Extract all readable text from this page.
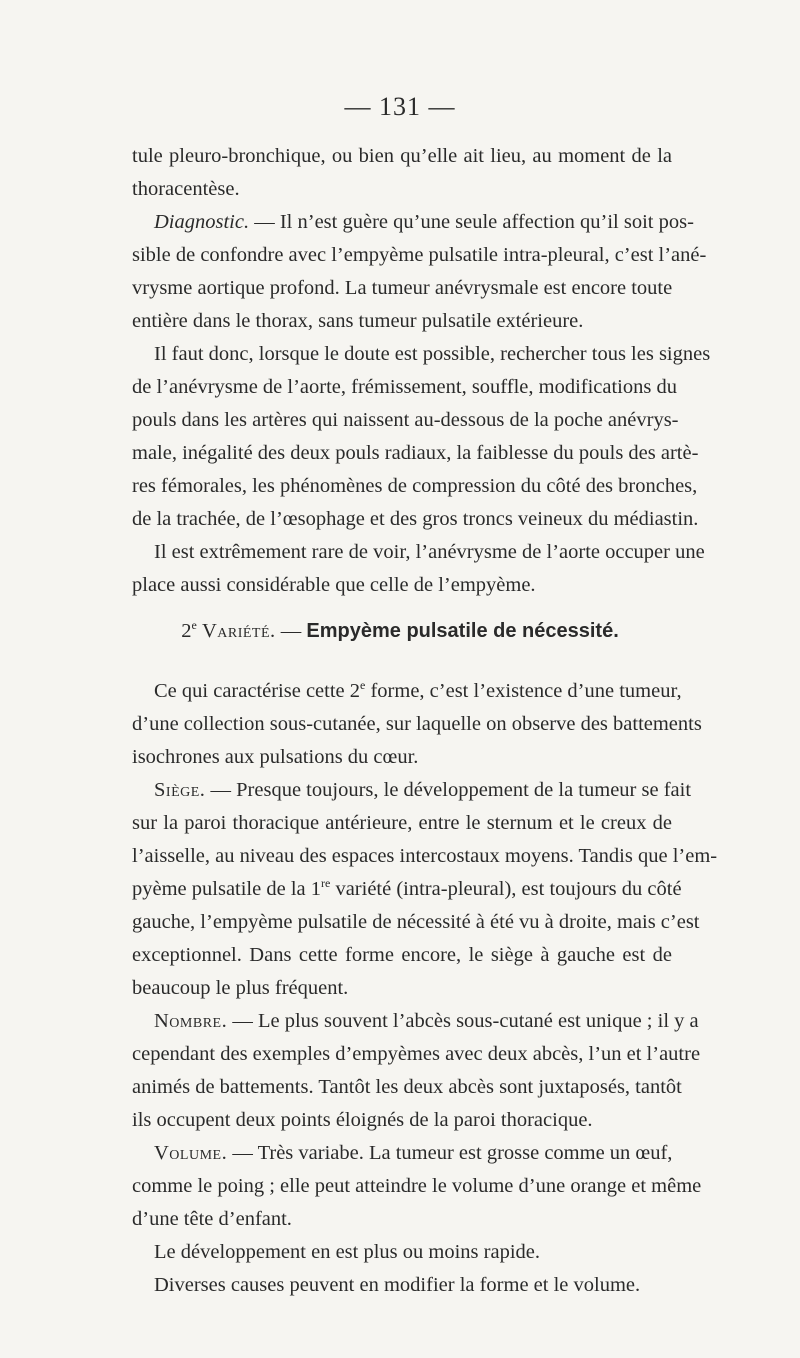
— 131 —
tule pleuro-bronchique, ou bien qu’elle ait lieu, au moment de la
thoracentèse.
Diagnostic. — Il n’est guère qu’une seule affection qu’il soit pos-
sible de confondre avec l’empyème pulsatile intra-pleural, c’est l’ané-
vrysme aortique profond. La tumeur anévrysmale est encore toute
entière dans le thorax, sans tumeur pulsatile extérieure.
Il faut donc, lorsque le doute est possible, rechercher tous les signes
de l’anévrysme de l’aorte, frémissement, souffle, modifications du
pouls dans les artères qui naissent au-dessous de la poche anévrys-
male, inégalité des deux pouls radiaux, la faiblesse du pouls des artè-
res fémorales, les phénomènes de compression du côté des bronches,
de la trachée, de l’œsophage et des gros troncs veineux du médiastin.
Il est extrêmement rare de voir, l’anévrysme de l’aorte occuper une
place aussi considérable que celle de l’empyème.
2e Variété. — Empyème pulsatile de nécessité.
Ce qui caractérise cette 2e forme, c’est l’existence d’une tumeur,
d’une collection sous-cutanée, sur laquelle on observe des battements
isochrones aux pulsations du cœur.
Siège. — Presque toujours, le développement de la tumeur se fait
sur la paroi thoracique antérieure, entre le sternum et le creux de
l’aisselle, au niveau des espaces intercostaux moyens. Tandis que l’em-
pyème pulsatile de la 1re variété (intra-pleural), est toujours du côté
gauche, l’empyème pulsatile de nécessité à été vu à droite, mais c’est
exceptionnel. Dans cette forme encore, le siège à gauche est de
beaucoup le plus fréquent.
Nombre. — Le plus souvent l’abcès sous-cutané est unique ; il y a
cependant des exemples d’empyèmes avec deux abcès, l’un et l’autre
animés de battements. Tantôt les deux abcès sont juxtaposés, tantôt
ils occupent deux points éloignés de la paroi thoracique.
Volume. — Très variabe. La tumeur est grosse comme un œuf,
comme le poing ; elle peut atteindre le volume d’une orange et même
d’une tête d’enfant.
Le développement en est plus ou moins rapide.
Diverses causes peuvent en modifier la forme et le volume.
